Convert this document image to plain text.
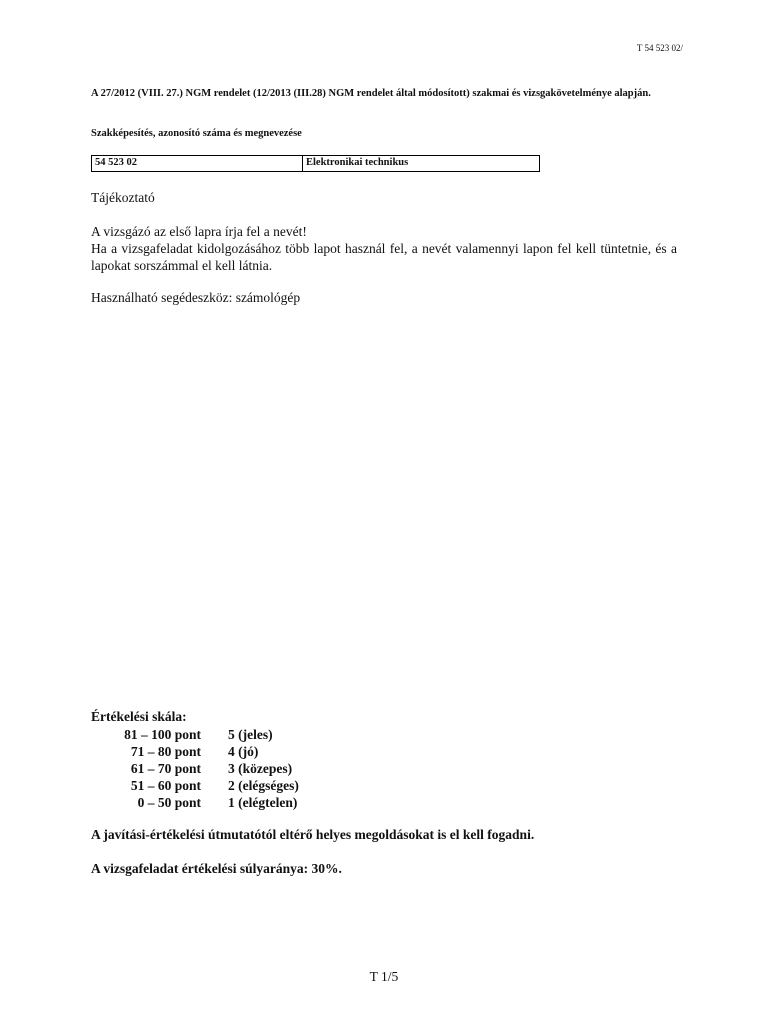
T 54 523 02/
A 27/2012 (VIII. 27.) NGM rendelet (12/2013 (III.28) NGM rendelet által módosított) szakmai és vizsgakövetelménye alapján.
Szakképesítés, azonosító száma és megnevezése
54 523 02	Elektronikai technikus
Tájékoztató
A vizsgázó az első lapra írja fel a nevét!
Ha a vizsgafeladat kidolgozásához több lapot használ fel, a nevét valamennyi lapon fel kell tüntetnie, és a lapokat sorszámmal el kell látnia.
Használható segédeszköz: számológép
Értékelési skála:
81 – 100 pont 5 (jeles)
71 – 80 pont 4 (jó)
61 – 70 pont 3 (közepes)
51 – 60 pont 2 (elégséges)
0 – 50 pont 1 (elégtelen)
A javítási-értékelési útmutatótól eltérő helyes megoldásokat is el kell fogadni.
A vizsgafeladat értékelési súlyaránya: 30%.
T 1/5
